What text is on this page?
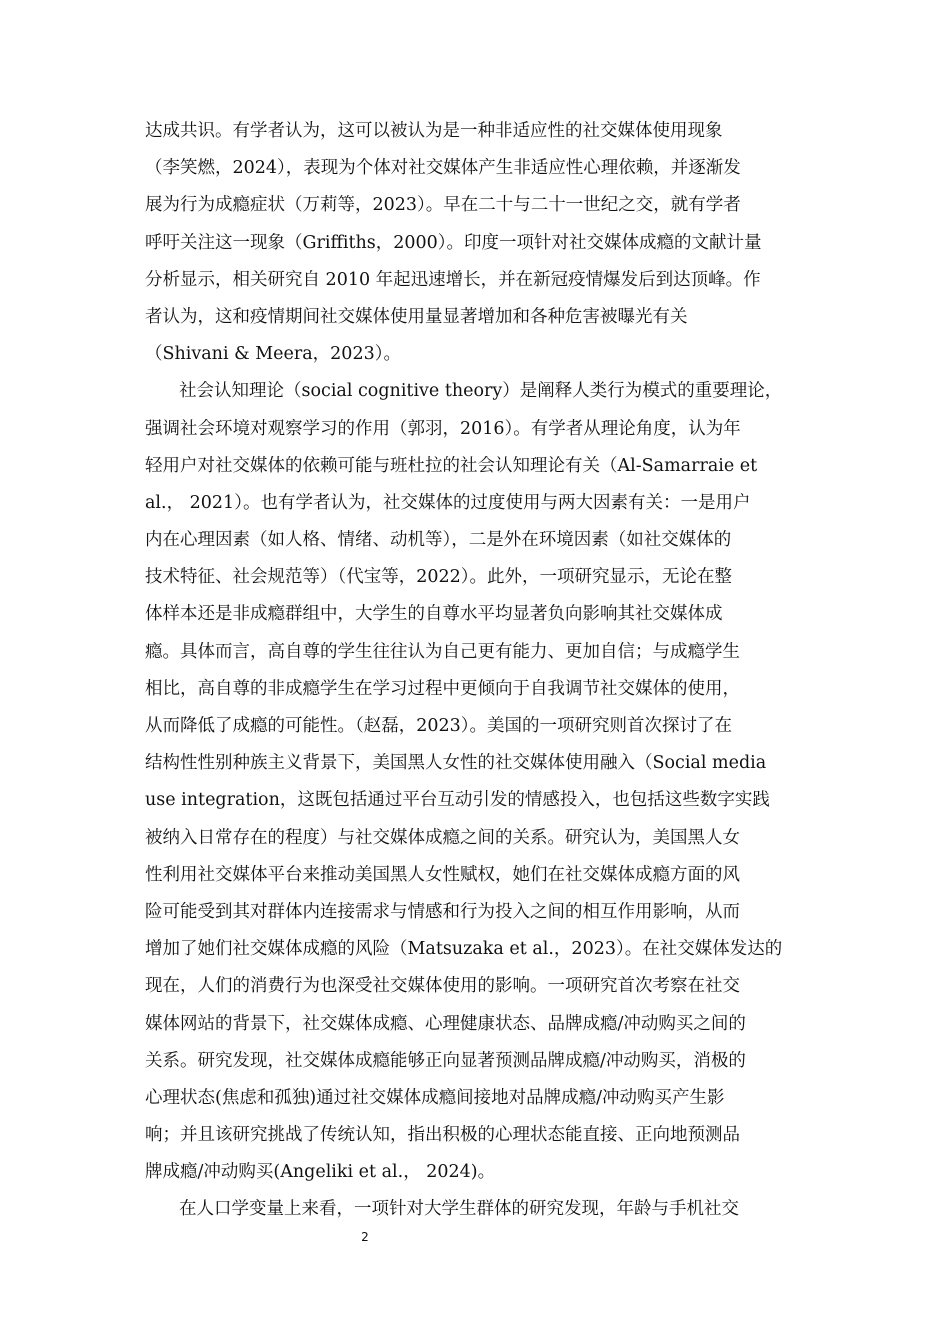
达成共识。有学者认为，这可以被认为是一种非适应性的社交媒体使用现象
（李笑燃，2024），表现为个体对社交媒体产生非适应性心理依赖，并逐渐发
展为行为成瘾症状（万莉等，2023）。早在二十与二十一世纪之交，就有学者
呼吁关注这一现象（Griffiths，2000）。印度一项针对社交媒体成瘾的文献计量
分析显示，相关研究自 2010 年起迅速增长，并在新冠疫情爆发后到达顶峰。作
者认为，这和疫情期间社交媒体使用量显著增加和各种危害被曝光有关
（Shivani & Meera，2023）。
社会认知理论（social cognitive theory）是阐释人类行为模式的重要理论，
强调社会环境对观察学习的作用（郭羽，2016）。有学者从理论角度，认为年
轻用户对社交媒体的依赖可能与班杜拉的社会认知理论有关（Al-Samarraie et
al.， 2021）。也有学者认为，社交媒体的过度使用与两大因素有关：一是用户
内在心理因素（如人格、情绪、动机等），二是外在环境因素（如社交媒体的
技术特征、社会规范等）（代宝等，2022）。此外，一项研究显示，无论在整
体样本还是非成瘾群组中，大学生的自尊水平均显著负向影响其社交媒体成
瘾。具体而言，高自尊的学生往往认为自己更有能力、更加自信；与成瘾学生
相比，高自尊的非成瘾学生在学习过程中更倾向于自我调节社交媒体的使用，
从而降低了成瘾的可能性。（赵磊，2023）。美国的一项研究则首次探讨了在
结构性性别种族主义背景下，美国黑人女性的社交媒体使用融入（Social media
use integration，这既包括通过平台互动引发的情感投入，也包括这些数字实践
被纳入日常存在的程度）与社交媒体成瘾之间的关系。研究认为，美国黑人女
性利用社交媒体平台来推动美国黑人女性赋权，她们在社交媒体成瘾方面的风
险可能受到其对群体内连接需求与情感和行为投入之间的相互作用影响，从而
增加了她们社交媒体成瘾的风险（Matsuzaka et al.，2023）。在社交媒体发达的
现在，人们的消费行为也深受社交媒体使用的影响。一项研究首次考察在社交
媒体网站的背景下，社交媒体成瘾、心理健康状态、品牌成瘾/冲动购买之间的
关系。研究发现，社交媒体成瘾能够正向显著预测品牌成瘾/冲动购买，消极的
心理状态(焦虑和孤独)通过社交媒体成瘾间接地对品牌成瘾/冲动购买产生影
响；并且该研究挑战了传统认知，指出积极的心理状态能直接、正向地预测品
牌成瘾/冲动购买(Angeliki et al.， 2024)。
在人口学变量上来看，一项针对大学生群体的研究发现，年龄与手机社交
2
